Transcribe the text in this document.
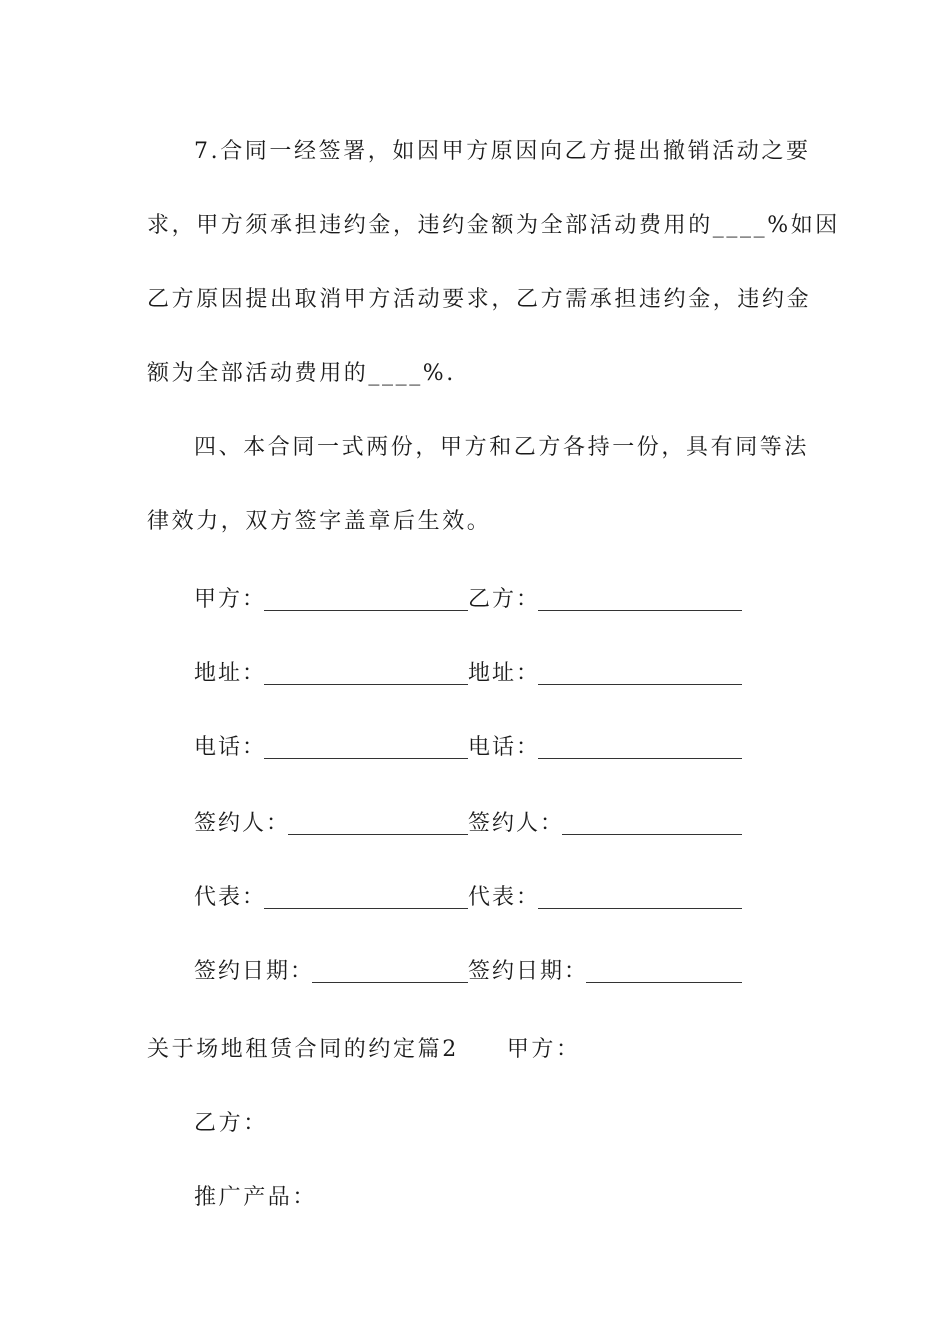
7.合同一经签署，如因甲方原因向乙方提出撤销活动之要
求，甲方须承担违约金，违约金额为全部活动费用的____%如因
乙方原因提出取消甲方活动要求，乙方需承担违约金，违约金
额为全部活动费用的____%.
四、本合同一式两份，甲方和乙方各持一份，具有同等法
律效力，双方签字盖章后生效。
甲方：	乙方：
地址：	地址：
电话：	电话：
签约人：	签约人：
代表：	代表：
签约日期：	签约日期：
关于场地租赁合同的约定篇2 甲方：
乙方：
推广产品：
